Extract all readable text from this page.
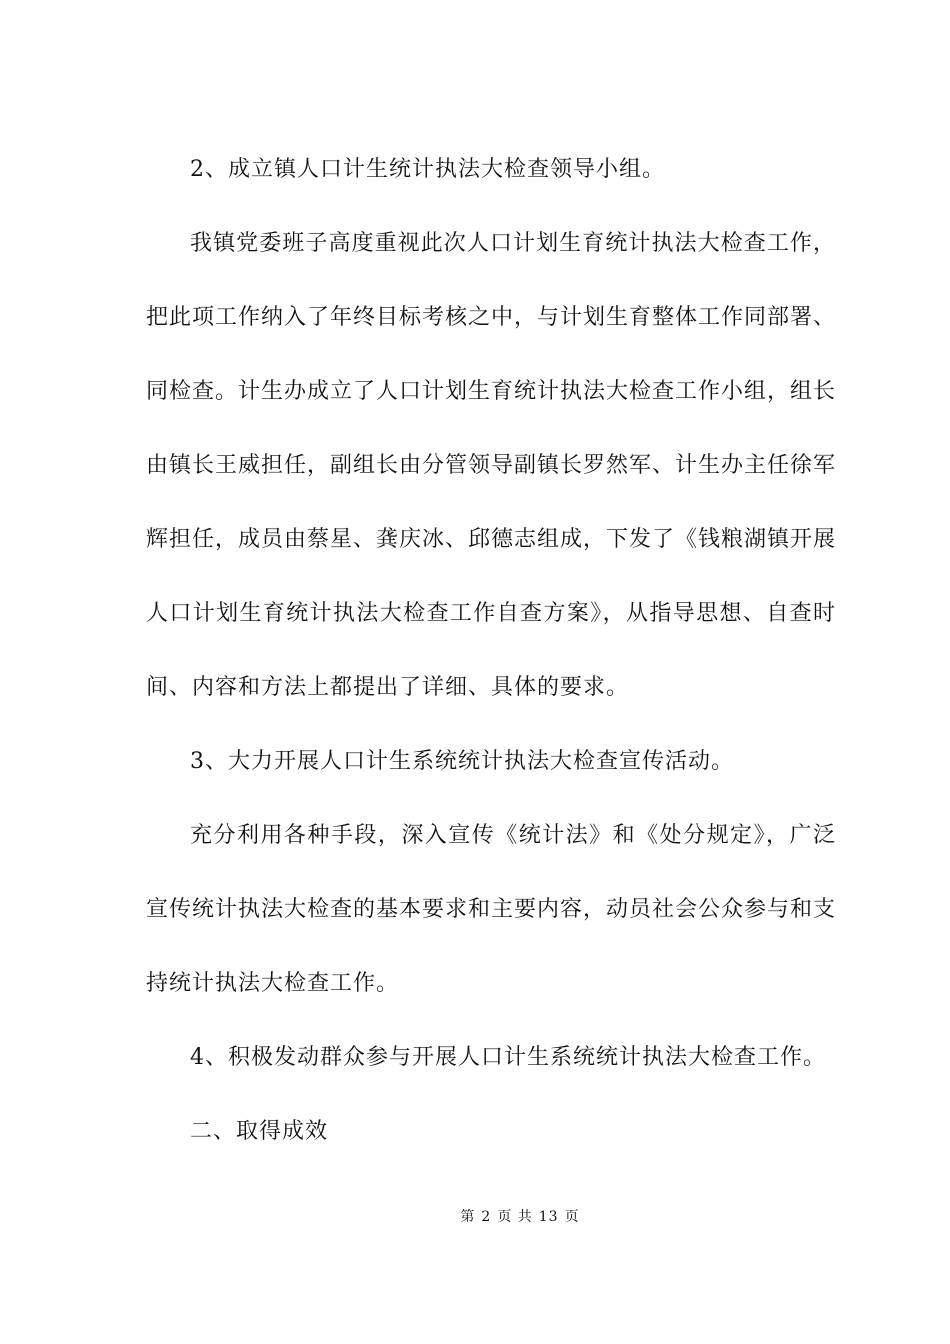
2、成立镇人口计生统计执法大检查领导小组。

我镇党委班子高度重视此次人口计划生育统计执法大检查工作，把此项工作纳入了年终目标考核之中，与计划生育整体工作同部署、同检查。计生办成立了人口计划生育统计执法大检查工作小组，组长由镇长王威担任，副组长由分管领导副镇长罗然军、计生办主任徐军辉担任，成员由蔡星、龚庆冰、邱德志组成，下发了《钱粮湖镇开展人口计划生育统计执法大检查工作自查方案》，从指导思想、自查时间、内容和方法上都提出了详细、具体的要求。

3、大力开展人口计生系统统计执法大检查宣传活动。

充分利用各种手段，深入宣传《统计法》和《处分规定》，广泛宣传统计执法大检查的基本要求和主要内容，动员社会公众参与和支持统计执法大检查工作。

4、积极发动群众参与开展人口计生系统统计执法大检查工作。

二、取得成效

第 2 页 共 13 页
